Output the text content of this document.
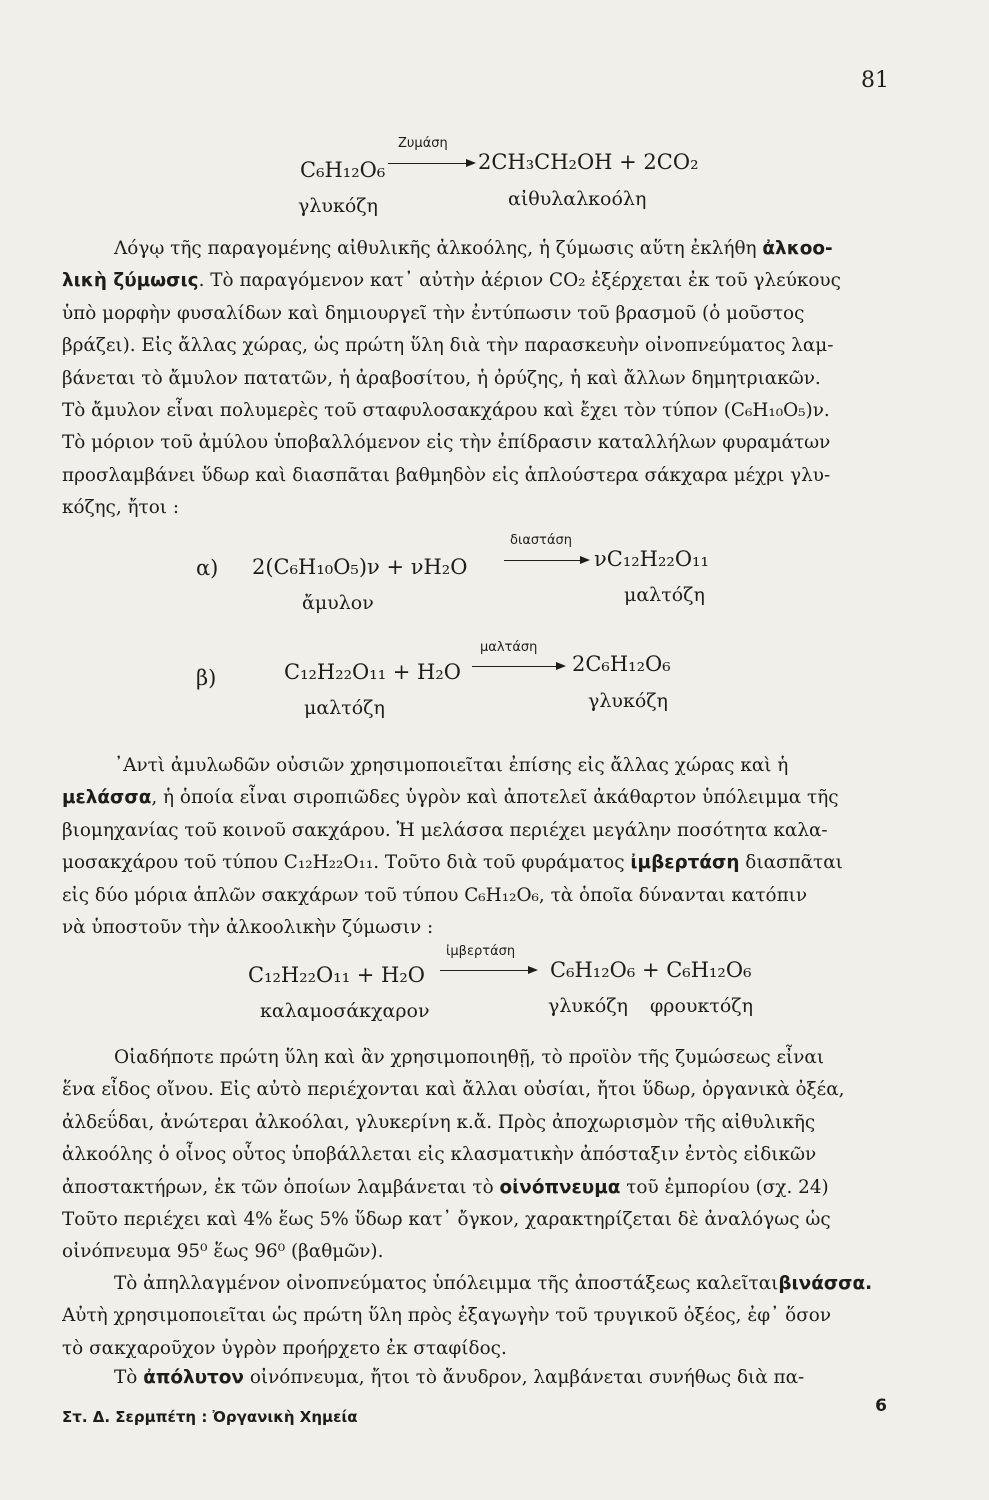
81
C₆H₁₂O₆
Ζυμάση
2CH₃CH₂OH + 2CO₂
γλυκόζη	αἰθυλαλκοόλη
Λόγῳ τῆς παραγομένης αἰθυλικῆς ἀλκοόλης, ἡ ζύμωσις αὕτη ἐκλήθη ἀλκοο-
λικὴ ζύμωσις. Τὸ παραγόμενον κατ᾽ αὐτὴν ἀέριον CO₂ ἐξέρχεται ἐκ τοῦ γλεύκους
ὑπὸ μορφὴν φυσαλίδων καὶ δημιουργεῖ τὴν ἐντύπωσιν τοῦ βρασμοῦ (ὁ μοῦστος
βράζει). Εἰς ἄλλας χώρας, ὡς πρώτη ὕλη διὰ τὴν παρασκευὴν οἰνοπνεύματος λαμ-
βάνεται τὸ ἄμυλον πατατῶν, ἡ ἀραβοσίτου, ἡ ὀρύζης, ἡ καὶ ἄλλων δημητριακῶν.
Τὸ ἄμυλον εἶναι πολυμερὲς τοῦ σταφυλοσακχάρου καὶ ἔχει τὸν τύπον (C₆H₁₀O₅)ν.
Τὸ μόριον τοῦ ἀμύλου ὑποβαλλόμενον εἰς τὴν ἐπίδρασιν καταλλήλων φυραμάτων
προσλαμβάνει ὕδωρ καὶ διασπᾶται βαθμηδὸν εἰς ἁπλούστερα σάκχαρα μέχρι γλυ-
κόζης, ἤτοι :
α) 2(C₆H₁₀O₅)ν + νH₂O
διαστάση
νC₁₂H₂₂O₁₁
ἄμυλον	μαλτόζη
β)	C₁₂H₂₂O₁₁ + H₂O
μαλτάση
2C₆H₁₂O₆
μαλτόζη	γλυκόζη
᾽Αντὶ ἀμυλωδῶν οὐσιῶν χρησιμοποιεῖται ἐπίσης εἰς ἄλλας χώρας καὶ ἡ
μελάσσα, ἡ ὁποία εἶναι σιροπιῶδες ὑγρὸν καὶ ἀποτελεῖ ἀκάθαρτον ὑπόλειμμα τῆς
βιομηχανίας τοῦ κοινοῦ σακχάρου. Ἡ μελάσσα περιέχει μεγάλην ποσότητα καλα-
μοσακχάρου τοῦ τύπου C₁₂H₂₂O₁₁. Τοῦτο διὰ τοῦ φυράματος ἰμβερτάση διασπᾶται
εἰς δύο μόρια ἁπλῶν σακχάρων τοῦ τύπου C₆H₁₂O₆, τὰ ὁποῖα δύνανται κατόπιν
νὰ ὑποστοῦν τὴν ἀλκοολικὴν ζύμωσιν :
C₁₂H₂₂O₁₁ + H₂O
ἰμβερτάση
C₆H₁₂O₆ + C₆H₁₂O₆
καλαμοσάκχαρον	γλυκόζη φρουκτόζη
Οἱαδήποτε πρώτη ὕλη καὶ ἂν χρησιμοποιηθῇ, τὸ προϊὸν τῆς ζυμώσεως εἶναι
ἕνα εἶδος οἴνου. Εἰς αὐτὸ περιέχονται καὶ ἄλλαι οὐσίαι, ἤτοι ὕδωρ, ὀργανικὰ ὀξέα,
ἀλδεΰδαι, ἀνώτεραι ἀλκοόλαι, γλυκερίνη κ.ἄ. Πρὸς ἀποχωρισμὸν τῆς αἰθυλικῆς
ἀλκοόλης ὁ οἶνος οὗτος ὑποβάλλεται εἰς κλασματικὴν ἀπόσταξιν ἐντὸς εἰδικῶν
ἀποστακτήρων, ἐκ τῶν ὁποίων λαμβάνεται τὸ οἰνόπνευμα τοῦ ἐμπορίου (σχ. 24)
Τοῦτο περιέχει καὶ 4% ἕως 5% ὕδωρ κατ᾽ ὄγκον, χαρακτηρίζεται δὲ ἀναλόγως ὡς
οἰνόπνευμα 95⁰ ἕως 96⁰ (βαθμῶν).
Τὸ ἀπηλλαγμένον οἰνοπνεύματος ὑπόλειμμα τῆς ἀποστάξεως καλεῖταιβινάσσα.
Αὐτὴ χρησιμοποιεῖται ὡς πρώτη ὕλη πρὸς ἐξαγωγὴν τοῦ τρυγικοῦ ὀξέος, ἐφ᾽ ὅσον
τὸ σακχαροῦχον ὑγρὸν προήρχετο ἐκ σταφίδος.
Τὸ ἀπόλυτον οἰνόπνευμα, ἤτοι τὸ ἄνυδρον, λαμβάνεται συνήθως διὰ πα-
Στ. Δ. Σερμπέτη : Ὀργανικὴ Χημεία
6
